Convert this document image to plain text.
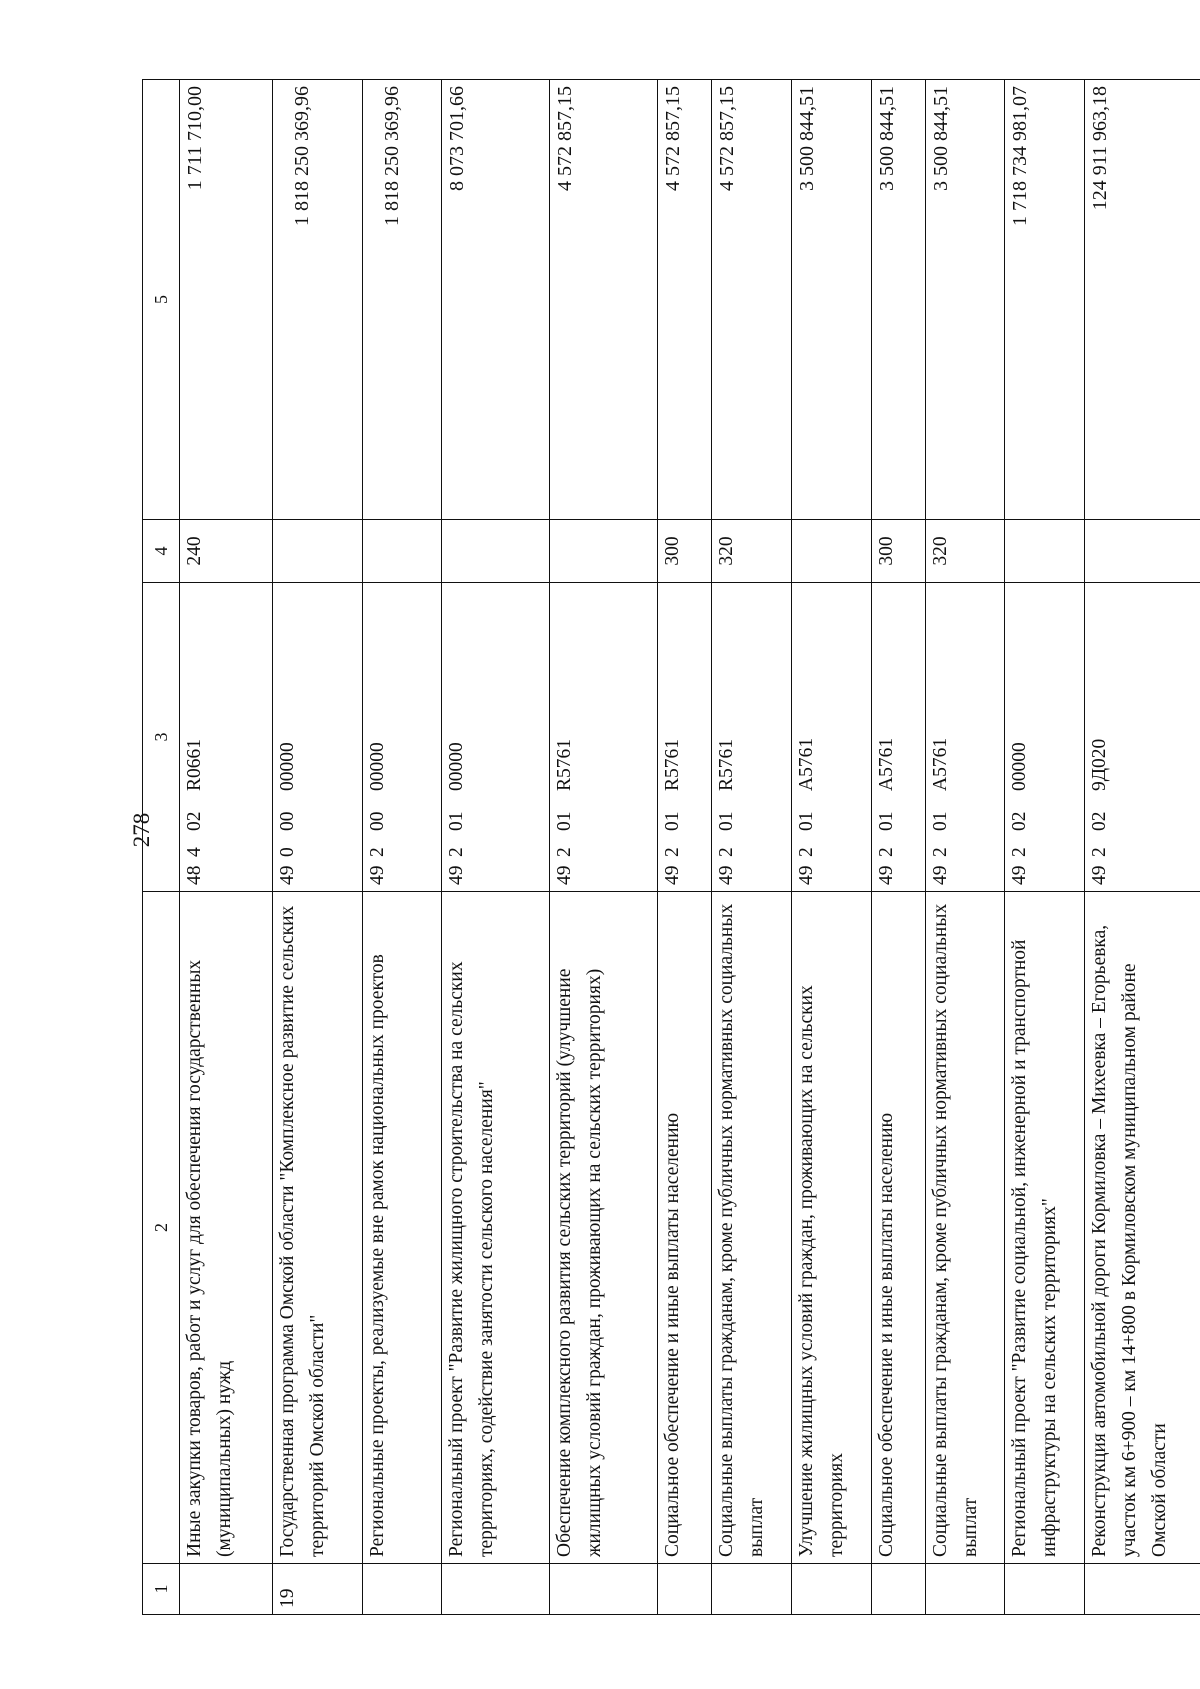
278
1	2	3	4	5
	Иные закупки товаров, работ и услуг для обеспечения государственных (муниципальных) нужд	48402R0661	240	1 711 710,00
19	Государственная программа Омской области "Комплексное развитие сельских территорий Омской области"	4900000000		1 818 250 369,96
	Региональные проекты, реализуемые вне рамок национальных проектов	4920000000		1 818 250 369,96
	Региональный проект "Развитие жилищного строительства на сельских территориях, содействие занятости сельского населения"	4920100000		8 073 701,66
	Обеспечение комплексного развития сельских территорий (улучшение жилищных условий граждан, проживающих на сельских территориях)	49201R5761		4 572 857,15
	Социальное обеспечение и иные выплаты населению	49201R5761	300	4 572 857,15
	Социальные выплаты гражданам, кроме публичных нормативных социальных выплат	49201R5761	320	4 572 857,15
	Улучшение жилищных условий граждан, проживающих на сельских территориях	49201A5761		3 500 844,51
	Социальное обеспечение и иные выплаты населению	49201A5761	300	3 500 844,51
	Социальные выплаты гражданам, кроме публичных нормативных социальных выплат	49201A5761	320	3 500 844,51
	Региональный проект "Развитие социальной, инженерной и транспортной инфраструктуры на сельских территориях"	4920200000		1 718 734 981,07
	Реконструкция автомобильной дороги Кормиловка – Михеевка – Егорьевка, участок км 6+900 – км 14+800 в Кормиловском муниципальном районе Омской области	492029Д020		124 911 963,18
